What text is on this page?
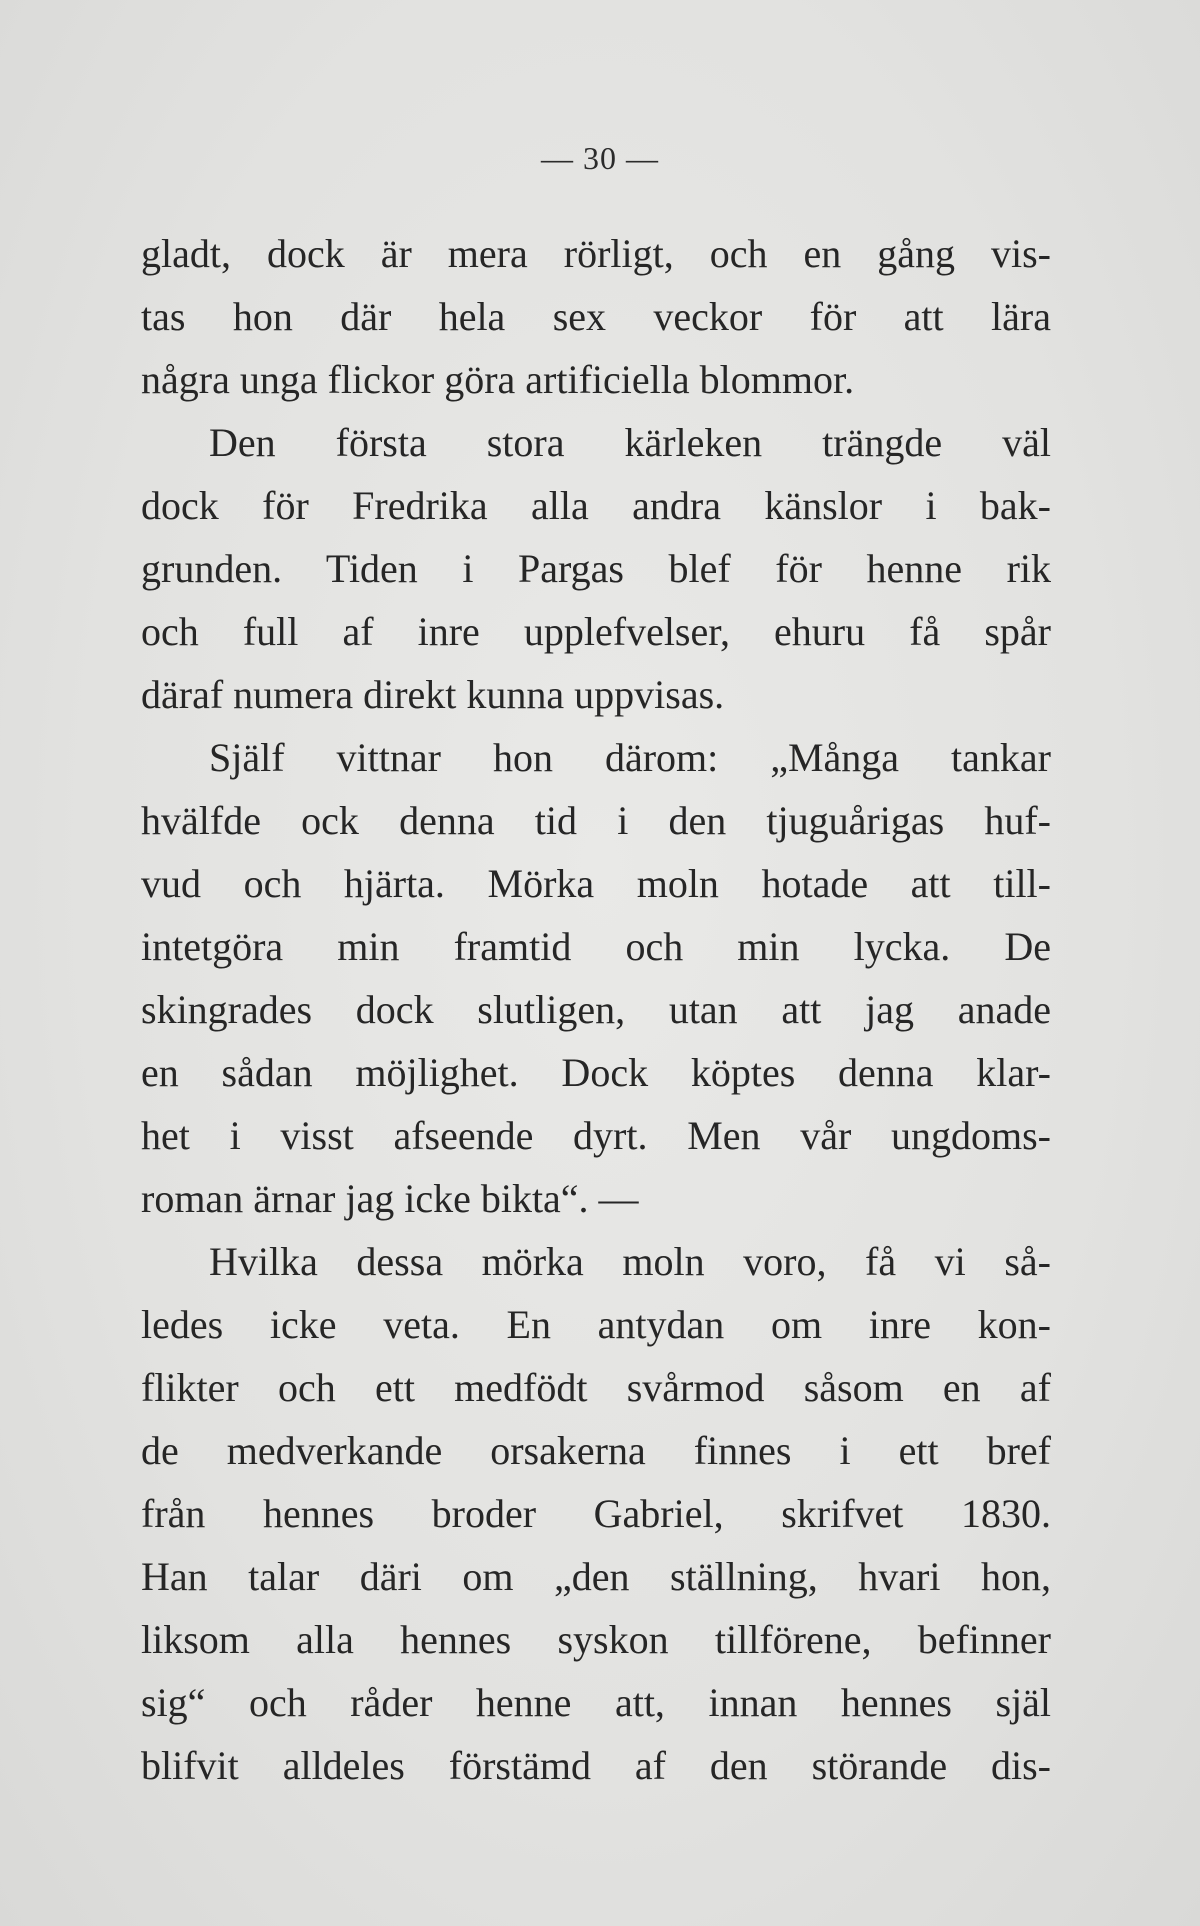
— 30 —
gladt, dock är mera rörligt, och en gång vis-
tas hon där hela sex veckor för att lära
några unga flickor göra artificiella blommor.
Den första stora kärleken trängde väl
dock för Fredrika alla andra känslor i bak-
grunden. Tiden i Pargas blef för henne rik
och full af inre upplefvelser, ehuru få spår
däraf numera direkt kunna uppvisas.
Själf vittnar hon därom: „Många tankar
hvälfde ock denna tid i den tjuguårigas huf-
vud och hjärta. Mörka moln hotade att till-
intetgöra min framtid och min lycka. De
skingrades dock slutligen, utan att jag anade
en sådan möjlighet. Dock köptes denna klar-
het i visst afseende dyrt. Men vår ungdoms-
roman ärnar jag icke bikta“. —
Hvilka dessa mörka moln voro, få vi så-
ledes icke veta. En antydan om inre kon-
flikter och ett medfödt svårmod såsom en af
de medverkande orsakerna finnes i ett bref
från hennes broder Gabriel, skrifvet 1830.
Han talar däri om „den ställning, hvari hon,
liksom alla hennes syskon tillförene, befinner
sig“ och råder henne att, innan hennes själ
blifvit alldeles förstämd af den störande dis-
